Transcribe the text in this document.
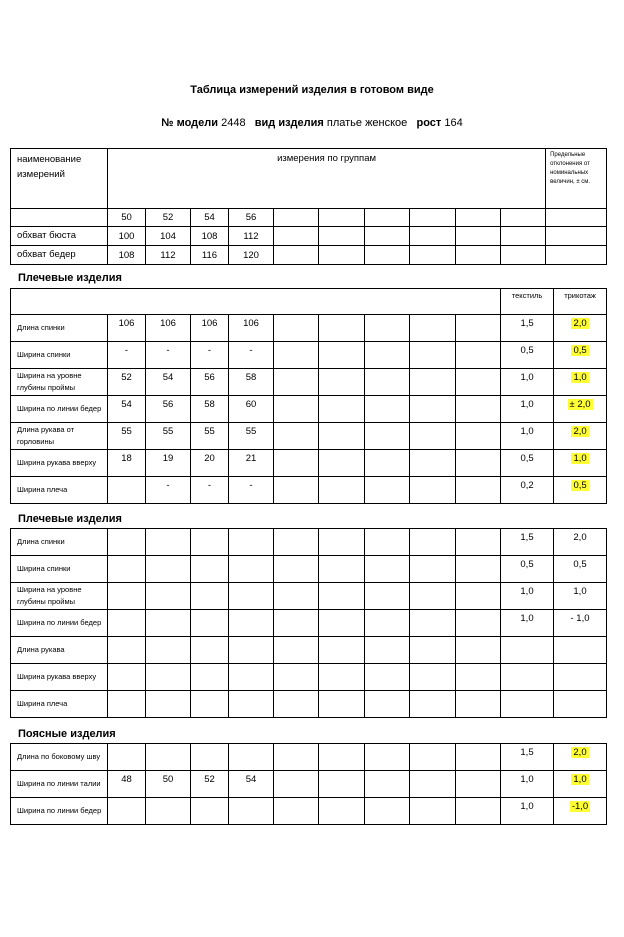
Таблица измерений изделия в готовом виде
№ модели 2448 вид изделия платье женское рост 164
наименование измерений	измерения по группам										Предельные отклонения от номинальных величин, ± см.
	50	52	54	56							
обхват бюста	100	104	108	112							
обхват бедер	108	112	116	120							
Плечевые изделия
										текстиль	трикотаж
Длина спинки	106	106	106	106						1,5	2,0
Ширина спинки	-	-	-	-						0,5	0,5
Ширина на уровне глубины проймы	52	54	56	58						1,0	1,0
Ширина по линии бедер	54	56	58	60						1,0	± 2,0
Длина рукава от горловины	55	55	55	55						1,0	2,0
Ширина рукава вверху	18	19	20	21						0,5	1,0
Ширина плеча		-	-	-						0,2	0,5
Плечевые изделия
Длина спинки										1,5	2,0
Ширина спинки										0,5	0,5
Ширина на уровне глубины проймы										1,0	1,0
Ширина по линии бедер										1,0	- 1,0
Длина рукава											
Ширина рукава вверху											
Ширина плеча											
Поясные изделия
Длина по боковому шву										1,5	2,0
Ширина по линии талии	48	50	52	54						1,0	1,0
Ширина по линии бедер										1,0	-1,0
